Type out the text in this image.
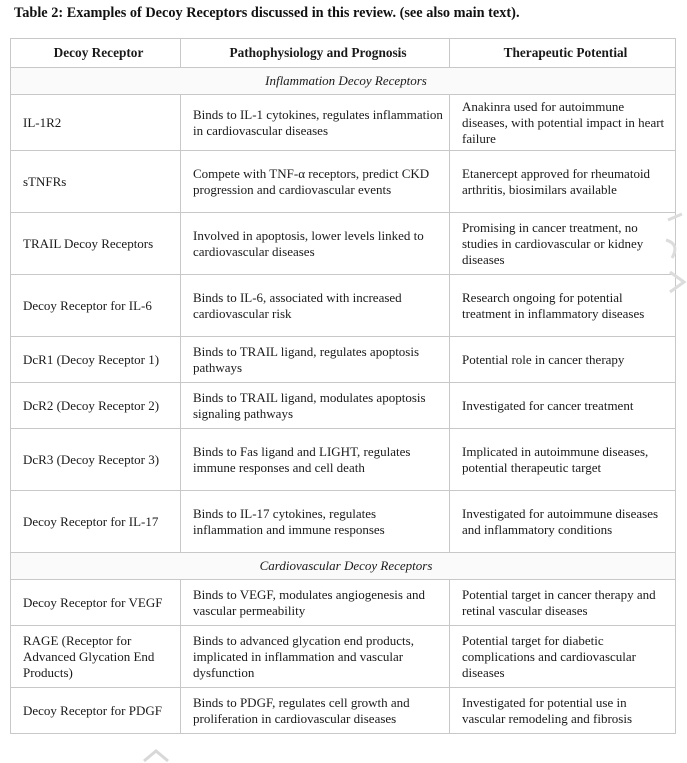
Table 2: Examples of Decoy Receptors discussed in this review. (see also main text).
Decoy Receptor	Pathophysiology and Prognosis	Therapeutic Potential
Inflammation Decoy Receptors		
IL-1R2	Binds to IL-1 cytokines, regulates inflammation in cardiovascular diseases	Anakinra used for autoimmune diseases, with potential impact in heart failure
sTNFRs	Compete with TNF-α receptors, predict CKD progression and cardiovascular events	Etanercept approved for rheumatoid arthritis, biosimilars available
TRAIL Decoy Receptors	Involved in apoptosis, lower levels linked to cardiovascular diseases	Promising in cancer treatment, no studies in cardiovascular or kidney diseases
Decoy Receptor for IL-6	Binds to IL-6, associated with increased cardiovascular risk	Research ongoing for potential treatment in inflammatory diseases
DcR1 (Decoy Receptor 1)	Binds to TRAIL ligand, regulates apoptosis pathways	Potential role in cancer therapy
DcR2 (Decoy Receptor 2)	Binds to TRAIL ligand, modulates apoptosis signaling pathways	Investigated for cancer treatment
DcR3 (Decoy Receptor 3)	Binds to Fas ligand and LIGHT, regulates immune responses and cell death	Implicated in autoimmune diseases, potential therapeutic target
Decoy Receptor for IL-17	Binds to IL-17 cytokines, regulates inflammation and immune responses	Investigated for autoimmune diseases and inflammatory conditions
Cardiovascular Decoy Receptors		
Decoy Receptor for VEGF	Binds to VEGF, modulates angiogenesis and vascular permeability	Potential target in cancer therapy and retinal vascular diseases
RAGE (Receptor for Advanced Glycation End Products)	Binds to advanced glycation end products, implicated in inflammation and vascular dysfunction	Potential target for diabetic complications and cardiovascular diseases
Decoy Receptor for PDGF	Binds to PDGF, regulates cell growth and proliferation in cardiovascular diseases	Investigated for potential use in vascular remodeling and fibrosis
